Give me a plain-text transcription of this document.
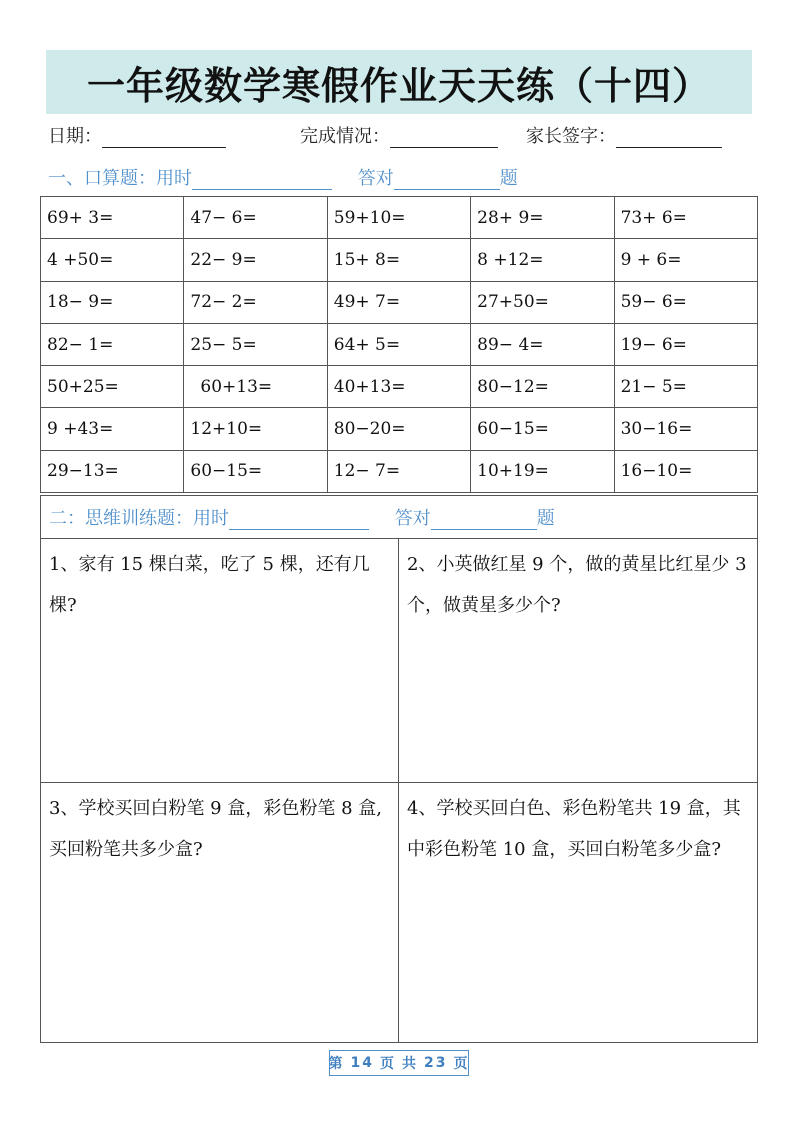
一年级数学寒假作业天天练（十四）
日期：	完成情况：	家长签字：
一、口算题：用时	答对	题
69+ 3=	47− 6=	59+10=	28+ 9=	73+ 6=
4 +50=	22− 9=	15+ 8=	8 +12=	9 + 6=
18− 9=	72− 2=	49+ 7=	27+50=	59− 6=
82− 1=	25− 5=	64+ 5=	89− 4=	19− 6=
50+25=	60+13=	40+13=	80−12=	21− 5=
9 +43=	12+10=	80−20=	60−15=	30−16=
29−13=	60−15=	12− 7=	10+19=	16−10=
二：思维训练题：用时	答对	题
1、家有 15 棵白菜，吃了 5 棵，还有几棵?
2、小英做红星 9 个，做的黄星比红星少 3 个，做黄星多少个?
3、学校买回白粉笔 9 盒，彩色粉笔 8 盒,买回粉笔共多少盒?
4、学校买回白色、彩色粉笔共 19 盒，其中彩色粉笔 10 盒，买回白粉笔多少盒?
第 14 页 共 23 页
